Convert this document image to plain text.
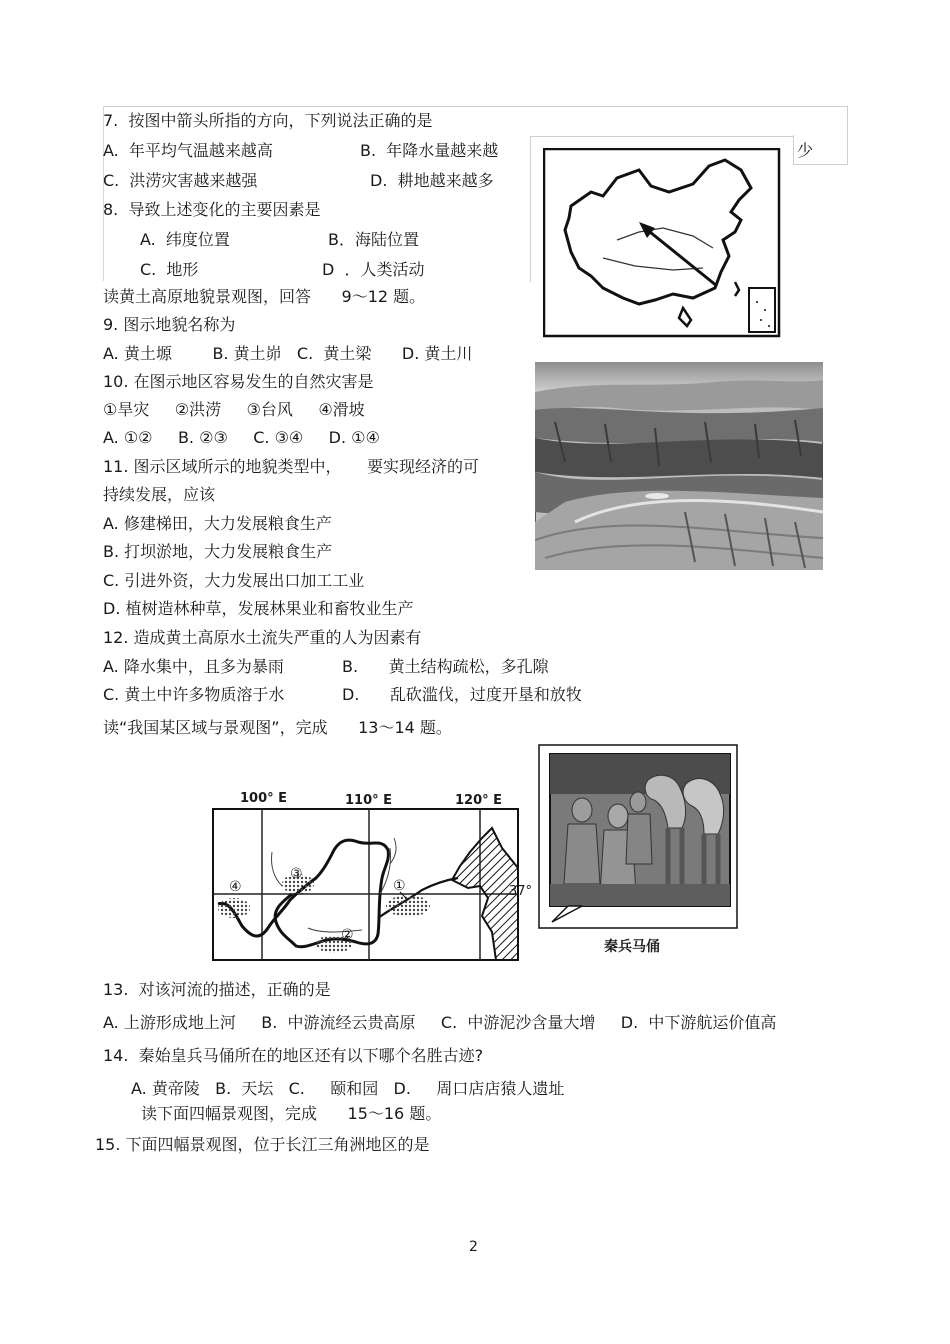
7.  按图中箭头所指的方向，下列说法正确的是
A.  年平均气温越来越高	B.  年降水量越来越	少
C.  洪涝灾害越来越强	D.  耕地越来越多
8.  导致上述变化的主要因素是
A.  纬度位置	B．海陆位置
C.  地形	D  ．人类活动
读黄土高原地貌景观图，回答      9～12 题。
9. 图示地貌名称为
A. 黄土塬        B. 黄土峁   C.  黄土梁      D. 黄土川
10. 在图示地区容易发生的自然灾害是
①旱灾     ②洪涝     ③台风     ④滑坡
A. ①②     B. ②③     C. ③④     D. ①④
11. 图示区域所示的地貌类型中，     要实现经济的可
持续发展，应该
A. 修建梯田，大力发展粮食生产
B. 打坝淤地，大力发展粮食生产
C. 引进外资，大力发展出口加工工业
D. 植树造林种草，发展林果业和畜牧业生产
12. 造成黄土高原水土流失严重的人为因素有
A. 降水集中，且多为暴雨	B.      黄土结构疏松，多孔隙
C. 黄土中许多物质溶于水	D.      乱砍滥伐，过度开垦和放牧
读“我国某区域与景观图”，完成      13～14 题。
100° E	110° E	120° E
④
③
②
①	37°
秦兵马俑
13.  对该河流的描述，正确的是
A. 上游形成地上河     B.  中游流经云贵高原     C.  中游泥沙含量大增     D.  中下游航运价值高
14.  秦始皇兵马俑所在的地区还有以下哪个名胜古迹?
A. 黄帝陵   B.  天坛   C.     颐和园   D.     周口店店猿人遗址
读下面四幅景观图，完成      15～16 题。
15. 下面四幅景观图，位于长江三角洲地区的是
2
